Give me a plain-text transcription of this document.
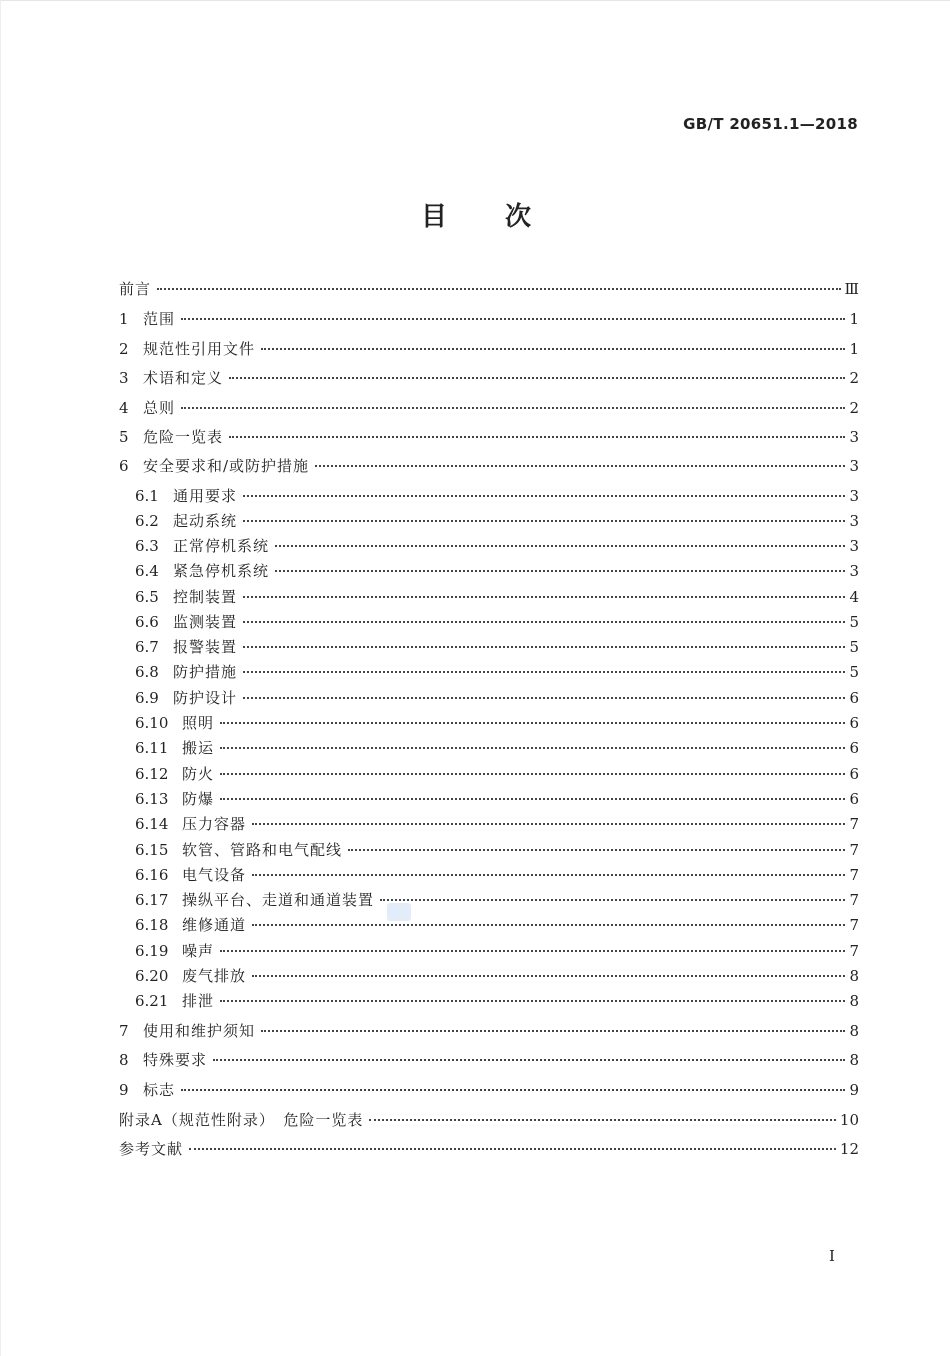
GB/T 20651.1—2018
目次
前言	Ⅲ
1 范围	1
2 规范性引用文件	1
3 术语和定义	2
4 总则	2
5 危险一览表	3
6 安全要求和/或防护措施	3
6.1 通用要求	3
6.2 起动系统	3
6.3 正常停机系统	3
6.4 紧急停机系统	3
6.5 控制装置	4
6.6 监测装置	5
6.7 报警装置	5
6.8 防护措施	5
6.9 防护设计	6
6.10 照明	6
6.11 搬运	6
6.12 防火	6
6.13 防爆	6
6.14 压力容器	7
6.15 软管、管路和电气配线	7
6.16 电气设备	7
6.17 操纵平台、走道和通道装置	7
6.18 维修通道	7
6.19 噪声	7
6.20 废气排放	8
6.21 排泄	8
7 使用和维护须知	8
8 特殊要求	8
9 标志	9
附录A（规范性附录）　危险一览表	10
参考文献	12
I
